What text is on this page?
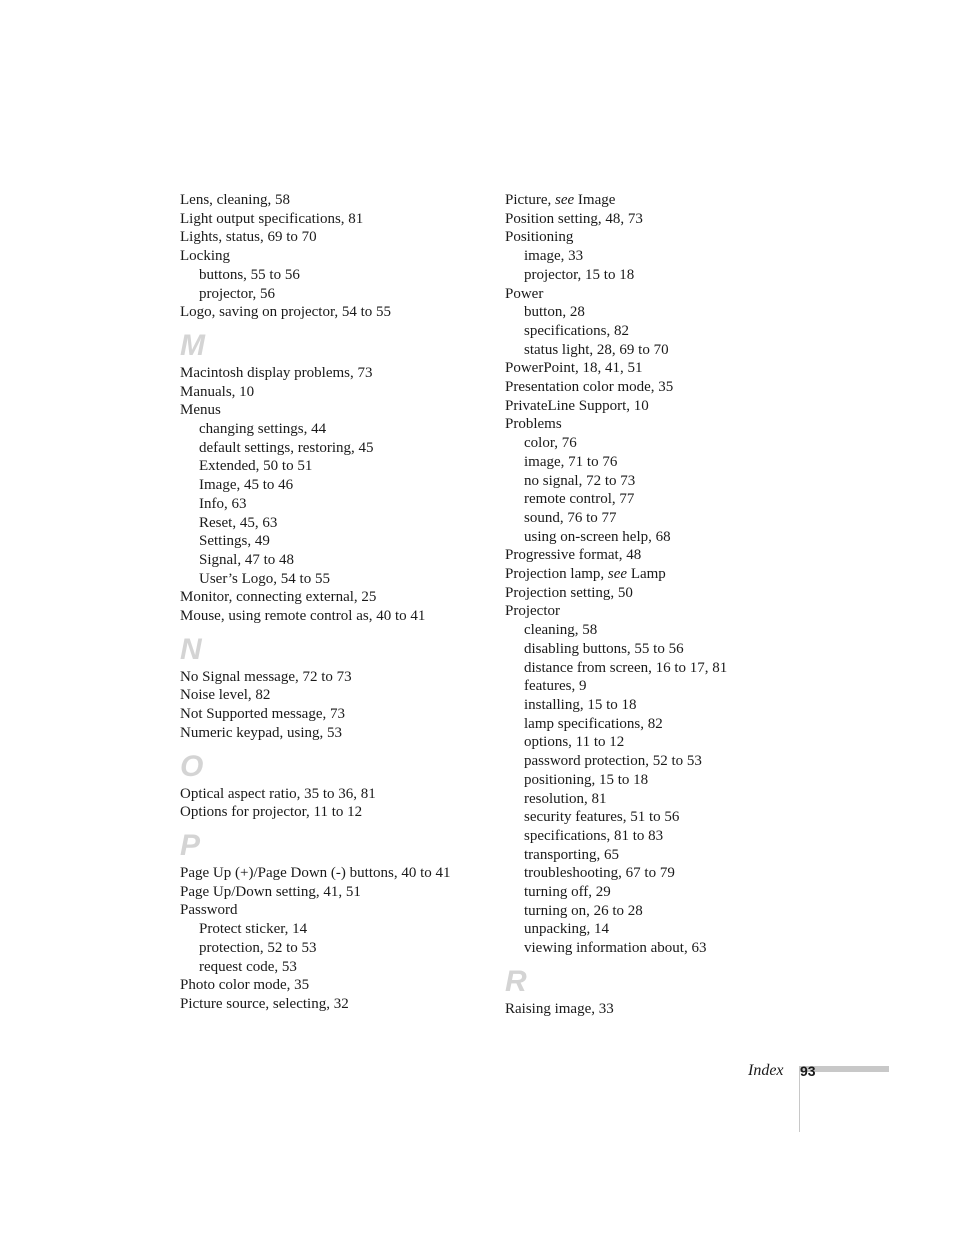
Lens, cleaning, 58
Light output specifications, 81
Lights, status, 69 to 70
Locking
buttons, 55 to 56
projector, 56
Logo, saving on projector, 54 to 55
M
Macintosh display problems, 73
Manuals, 10
Menus
changing settings, 44
default settings, restoring, 45
Extended, 50 to 51
Image, 45 to 46
Info, 63
Reset, 45, 63
Settings, 49
Signal, 47 to 48
User’s Logo, 54 to 55
Monitor, connecting external, 25
Mouse, using remote control as, 40 to 41
N
No Signal message, 72 to 73
Noise level, 82
Not Supported message, 73
Numeric keypad, using, 53
O
Optical aspect ratio, 35 to 36, 81
Options for projector, 11 to 12
P
Page Up (+)/Page Down (-) buttons, 40 to 41
Page Up/Down setting, 41, 51
Password
Protect sticker, 14
protection, 52 to 53
request code, 53
Photo color mode, 35
Picture source, selecting, 32
Picture, see Image
Position setting, 48, 73
Positioning
image, 33
projector, 15 to 18
Power
button, 28
specifications, 82
status light, 28, 69 to 70
PowerPoint, 18, 41, 51
Presentation color mode, 35
PrivateLine Support, 10
Problems
color, 76
image, 71 to 76
no signal, 72 to 73
remote control, 77
sound, 76 to 77
using on-screen help, 68
Progressive format, 48
Projection lamp, see Lamp
Projection setting, 50
Projector
cleaning, 58
disabling buttons, 55 to 56
distance from screen, 16 to 17, 81
features, 9
installing, 15 to 18
lamp specifications, 82
options, 11 to 12
password protection, 52 to 53
positioning, 15 to 18
resolution, 81
security features, 51 to 56
specifications, 81 to 83
transporting, 65
troubleshooting, 67 to 79
turning off, 29
turning on, 26 to 28
unpacking, 14
viewing information about, 63
R
Raising image, 33
Index 93
